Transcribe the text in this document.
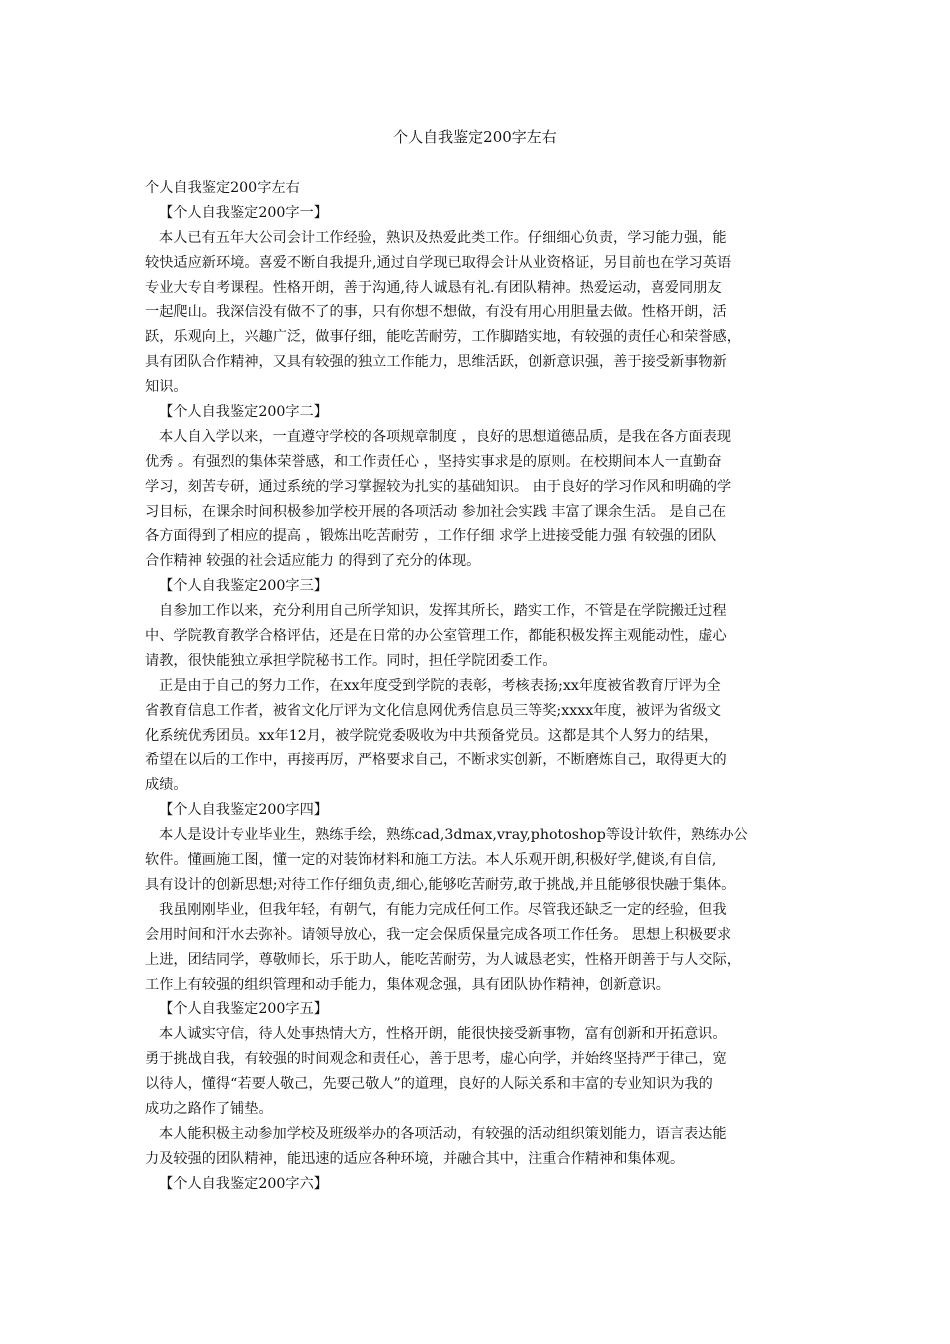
个人自我鉴定200字左右
个人自我鉴定200字左右
【个人自我鉴定200字一】
本人已有五年大公司会计工作经验，熟识及热爱此类工作。仔细细心负责，学习能力强，能
较快适应新环境。喜爱不断自我提升,通过自学现已取得会计从业资格证，另目前也在学习英语
专业大专自考课程。性格开朗，善于沟通,待人诚恳有礼.有团队精神。热爱运动，喜爱同朋友
一起爬山。我深信没有做不了的事，只有你想不想做，有没有用心用胆量去做。性格开朗，活
跃，乐观向上，兴趣广泛，做事仔细，能吃苦耐劳，工作脚踏实地，有较强的责任心和荣誉感，
具有团队合作精神，又具有较强的独立工作能力，思维活跃，创新意识强，善于接受新事物新
知识。
【个人自我鉴定200字二】
本人自入学以来，一直遵守学校的各项规章制度 ，良好的思想道德品质，是我在各方面表现
优秀 。有强烈的集体荣誉感，和工作责任心 ，坚持实事求是的原则。在校期间本人一直勤奋
学习，刻苦专研，通过系统的学习掌握较为扎实的基础知识。 由于良好的学习作风和明确的学
习目标，在课余时间积极参加学校开展的各项活动 参加社会实践 丰富了课余生活。 是自己在
各方面得到了相应的提高 ，锻炼出吃苦耐劳 ，工作仔细 求学上进接受能力强 有较强的团队
合作精神 较强的社会适应能力 的得到了充分的体现。
【个人自我鉴定200字三】
自参加工作以来，充分利用自己所学知识，发挥其所长，踏实工作，不管是在学院搬迁过程
中、学院教育教学合格评估，还是在日常的办公室管理工作，都能积极发挥主观能动性，虚心
请教，很快能独立承担学院秘书工作。同时，担任学院团委工作。
正是由于自己的努力工作，在xx年度受到学院的表彰，考核表扬;xx年度被省教育厅评为全
省教育信息工作者，被省文化厅评为文化信息网优秀信息员三等奖;xxxx年度，被评为省级文
化系统优秀团员。xx年12月，被学院党委吸收为中共预备党员。这都是其个人努力的结果，
希望在以后的工作中，再接再厉，严格要求自己，不断求实创新，不断磨炼自己，取得更大的
成绩。
【个人自我鉴定200字四】
本人是设计专业毕业生，熟练手绘，熟练cad,3dmax,vray,photoshop等设计软件，熟练办公
软件。懂画施工图，懂一定的对装饰材料和施工方法。本人乐观开朗,积极好学,健谈,有自信,
具有设计的创新思想;对待工作仔细负责,细心,能够吃苦耐劳,敢于挑战,并且能够很快融于集体。
我虽刚刚毕业，但我年轻，有朝气，有能力完成任何工作。尽管我还缺乏一定的经验，但我
会用时间和汗水去弥补。请领导放心，我一定会保质保量完成各项工作任务。 思想上积极要求
上进，团结同学，尊敬师长，乐于助人，能吃苦耐劳，为人诚恳老实，性格开朗善于与人交际，
工作上有较强的组织管理和动手能力，集体观念强，具有团队协作精神，创新意识。
【个人自我鉴定200字五】
本人诚实守信，待人处事热情大方，性格开朗，能很快接受新事物，富有创新和开拓意识。
勇于挑战自我，有较强的时间观念和责任心，善于思考，虚心向学，并始终坚持严于律己，宽
以待人，懂得“若要人敬己，先要己敬人”的道理，良好的人际关系和丰富的专业知识为我的
成功之路作了铺垫。
本人能积极主动参加学校及班级举办的各项活动，有较强的活动组织策划能力，语言表达能
力及较强的团队精神，能迅速的适应各种环境，并融合其中，注重合作精神和集体观。
【个人自我鉴定200字六】
